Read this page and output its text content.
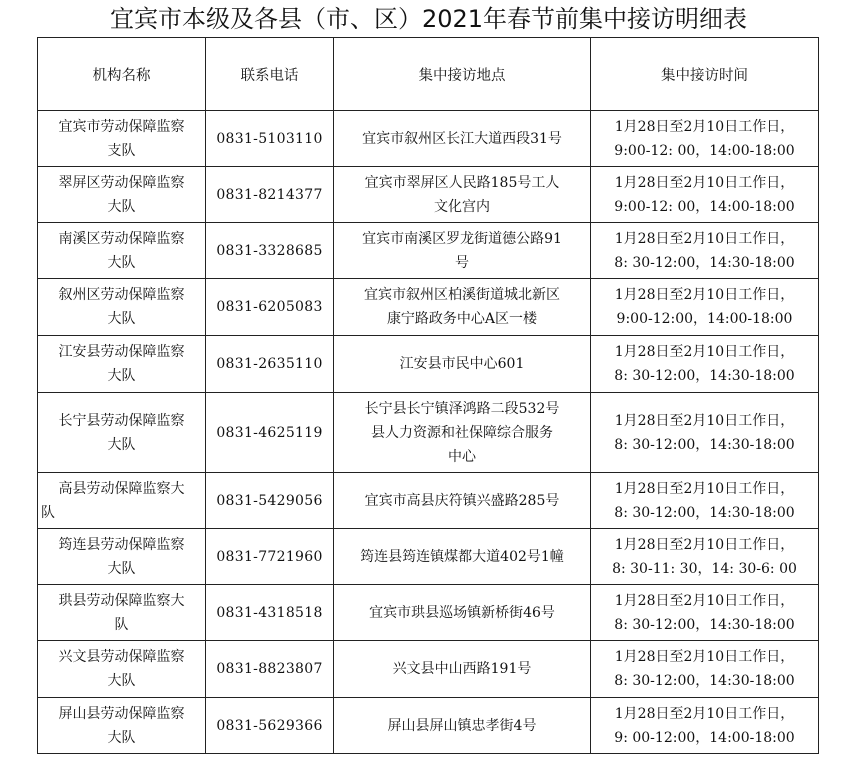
宜宾市本级及各县（市、区）2021年春节前集中接访明细表
机构名称	联系电话	集中接访地点	集中接访时间

宜宾市劳动保障监察
支队	0831-5103110	宜宾市叙州区长江大道西段31号	1月28日至2月10日工作日，
9:00-12: 00，14:00-18:00

翠屏区劳动保障监察
大队	0831-8214377	宜宾市翠屏区人民路185号工人
文化宫内	1月28日至2月10日工作日，
9:00-12: 00，14:00-18:00

南溪区劳动保障监察
大队	0831-3328685	宜宾市南溪区罗龙街道德公路91
号	1月28日至2月10日工作日，
8: 30-12:00，14:30-18:00

叙州区劳动保障监察
大队	0831-6205083	宜宾市叙州区柏溪街道城北新区
康宁路政务中心A区一楼	1月28日至2月10日工作日，
9:00-12:00，14:00-18:00

江安县劳动保障监察
大队	0831-2635110	江安县市民中心601	1月28日至2月10日工作日，
8: 30-12:00，14:30-18:00

长宁县劳动保障监察
大队	0831-4625119	长宁县长宁镇泽鸿路二段532号
县人力资源和社保障综合服务
中心	1月28日至2月10日工作日，
8: 30-12:00，14:30-18:00

高县劳动保障监察大
队	0831-5429056	宜宾市高县庆符镇兴盛路285号	1月28日至2月10日工作日，
8: 30-12:00，14:30-18:00

筠连县劳动保障监察
大队	0831-7721960	筠连县筠连镇煤都大道402号1幢	1月28日至2月10日工作日，
8: 30-11: 30，14: 30-6: 00

珙县劳动保障监察大
队	0831-4318518	宜宾市珙县巡场镇新桥街46号	1月28日至2月10日工作日，
8: 30-12:00，14:30-18:00

兴文县劳动保障监察
大队	0831-8823807	兴文县中山西路191号	1月28日至2月10日工作日，
8: 30-12:00，14:30-18:00

屏山县劳动保障监察
大队	0831-5629366	屏山县屏山镇忠孝街4号	1月28日至2月10日工作日，
9: 00-12:00，14:00-18:00
